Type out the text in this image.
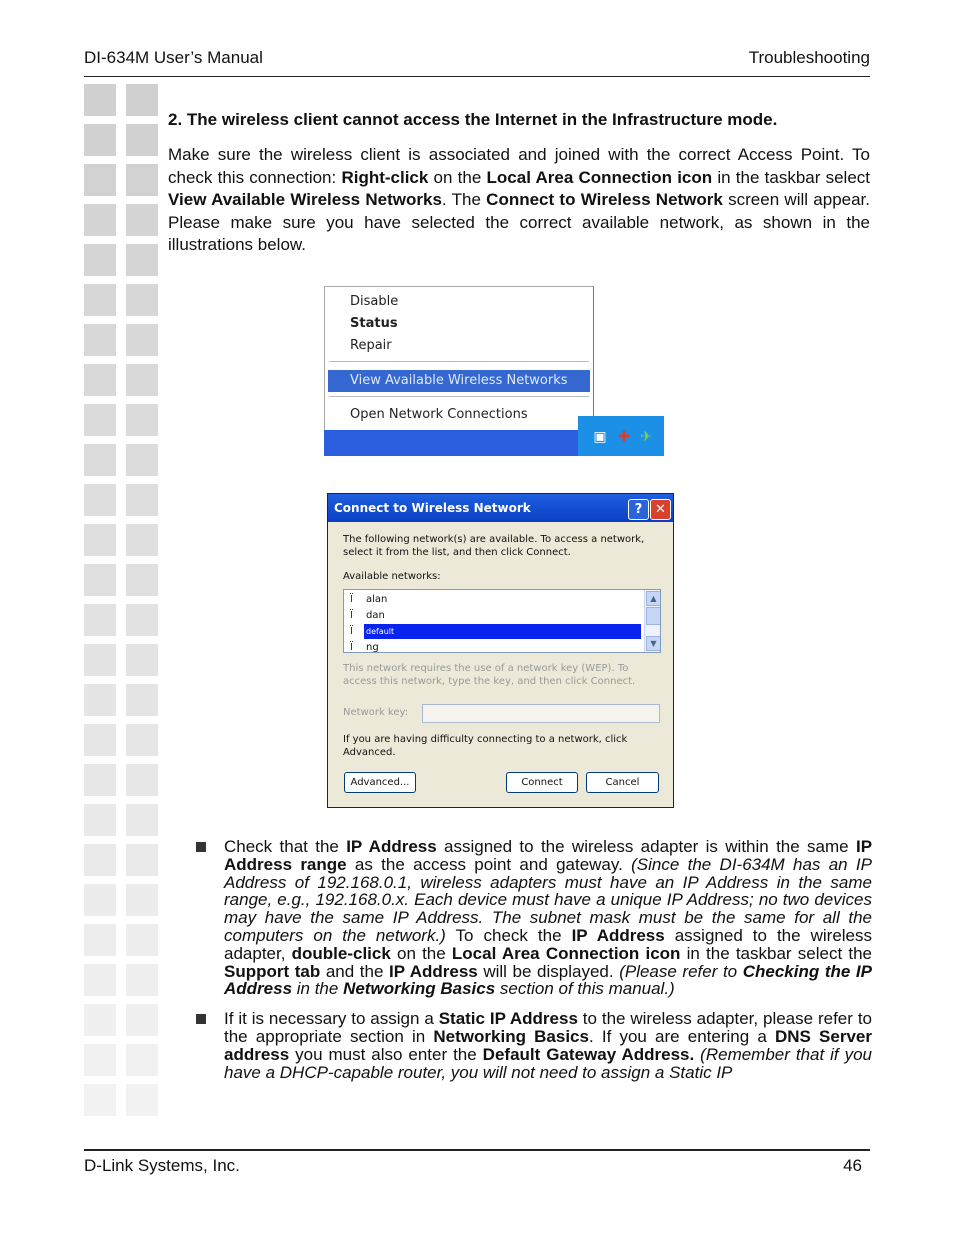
DI-634M User’s Manual	Troubleshooting
2. The wireless client cannot access the Internet in the Infrastructure mode.
Make sure the wireless client is associated and joined with the correct Access Point. To check this connection: Right-click on the Local Area Connection icon in the taskbar select View Available Wireless Networks. The Connect to Wireless Network screen will appear. Please make sure you have selected the correct available network, as shown in the illustrations below.
Disable
Status
Repair
View Available Wireless Networks
Open Network Connections
▣ ✚ ✈
Connect to Wireless Network	? ✕
The following network(s) are available. To access a network, select it from the list, and then click Connect.
Available networks:
Ï	alan
Ï	dan
Ï	default
Ï	ng
▲
▼
This network requires the use of a network key (WEP). To access this network, type the key, and then click Connect.
Network key:
If you are having difficulty connecting to a network, click Advanced.
Advanced...	Connect	Cancel
Check that the IP Address assigned to the wireless adapter is within the same IP Address range as the access point and gateway. (Since the DI-634M has an IP Address of 192.168.0.1, wireless adapters must have an IP Address in the same range, e.g., 192.168.0.x. Each device must have a unique IP Address; no two devices may have the same IP Address. The subnet mask must be the same for all the computers on the network.) To check the IP Address assigned to the wireless adapter, double-click on the Local Area Connection icon in the taskbar select the Support tab and the IP Address will be displayed. (Please refer to Checking the IP Address in the Networking Basics section of this manual.)
If it is necessary to assign a Static IP Address to the wireless adapter, please refer to the appropriate section in Networking Basics. If you are entering a DNS Server address you must also enter the Default Gateway Address. (Remember that if you have a DHCP-capable router, you will not need to assign a Static IP
D-Link Systems, Inc.	46
